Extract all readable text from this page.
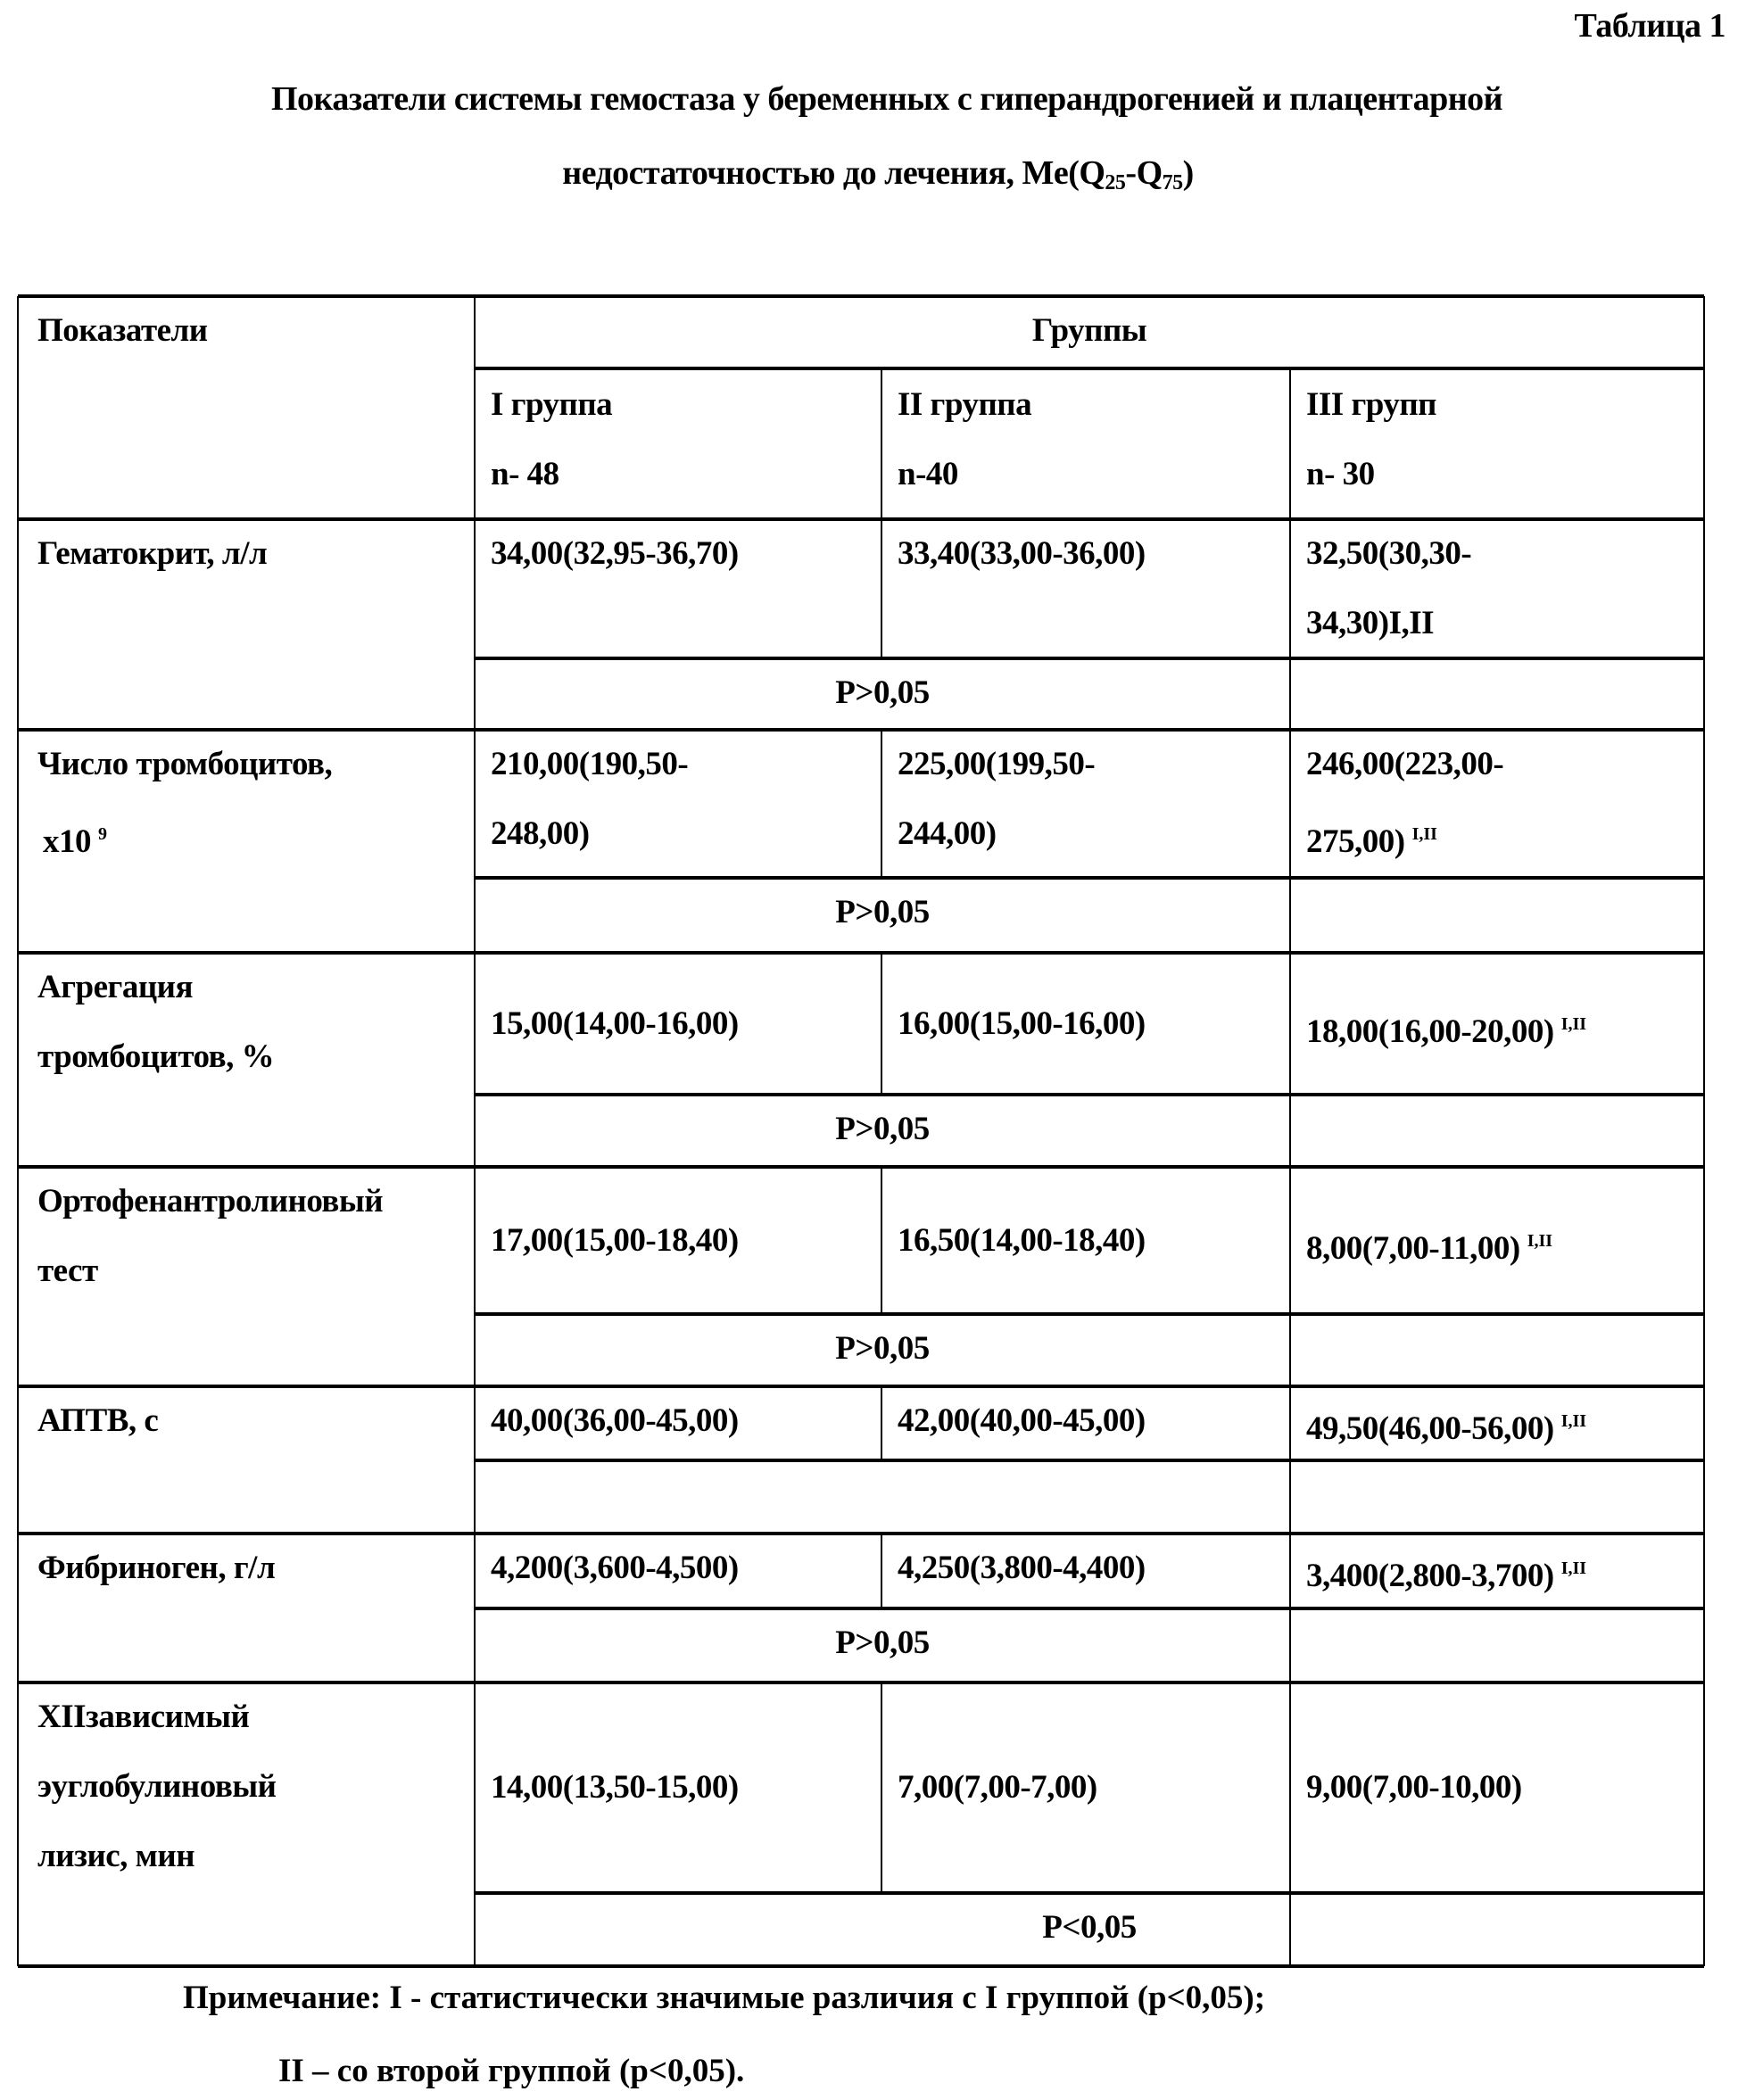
Таблица 1
Показатели системы гемостаза у беременных с гиперандрогенией и плацентарной
недостаточностью до лечения, Me(Q25-Q75)
Показатели	Группы
I группа
n- 48
II группа
n-40
III групп
n- 30
Гематокрит, л/л	34,00(32,95-36,70)	33,40(33,00-36,00)	32,50(30,30-
34,30)I,II
P>0,05
Число тромбоцитов,
x10 9
210,00(190,50-
248,00)
225,00(199,50-
244,00)
246,00(223,00-
275,00) I,II
P>0,05
Агрегация
тромбоцитов, %
15,00(14,00-16,00)	16,00(15,00-16,00)	18,00(16,00-20,00) I,II
P>0,05
Ортофенантролиновый
тест
17,00(15,00-18,40)	16,50(14,00-18,40)	8,00(7,00-11,00) I,II
P>0,05
АПТВ, с	40,00(36,00-45,00)	42,00(40,00-45,00)	49,50(46,00-56,00) I,II
Фибриноген, г/л	4,200(3,600-4,500)	4,250(3,800-4,400)	3,400(2,800-3,700) I,II
P>0,05
XIIзависимый
эуглобулиновый
лизис, мин
14,00(13,50-15,00)	7,00(7,00-7,00)	9,00(7,00-10,00)
P<0,05
Примечание: I - статистически значимые различия с I группой (p<0,05);
II – со второй группой (p<0,05).
